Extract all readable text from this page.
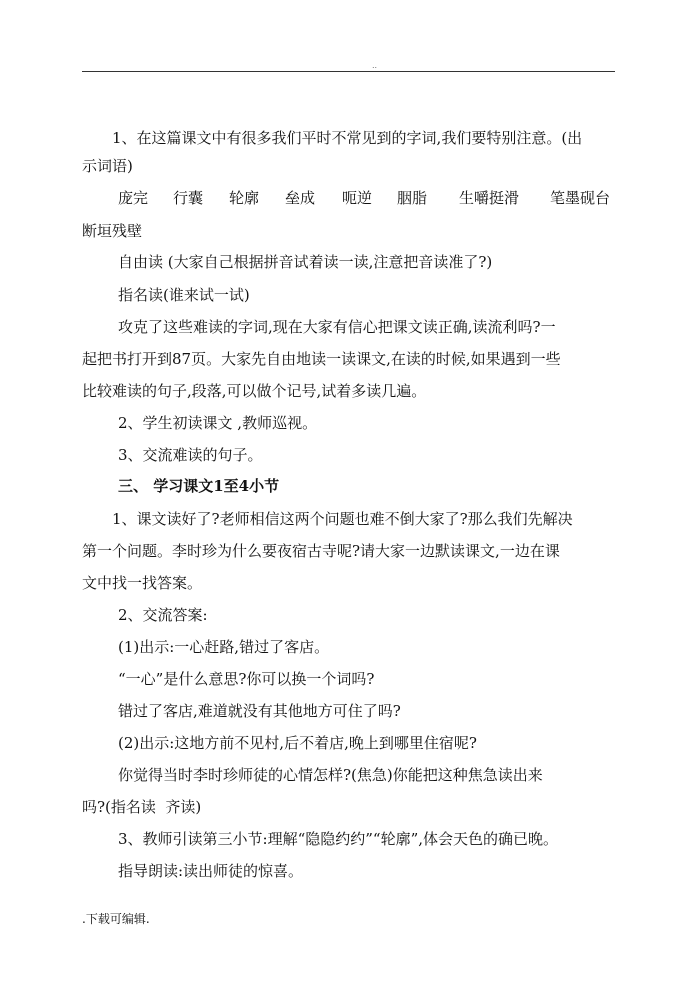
..
1、在这篇课文中有很多我们平时不常见到的字词,我们要特别注意。(出
示词语)
庞完 行囊 轮廓 垒成 呃逆 胭脂 生嚼挺滑 笔墨砚台
断垣残壁
自由读 (大家自己根据拼音试着读一读,注意把音读准了?)
指名读(谁来试一试)
攻克了这些难读的字词,现在大家有信心把课文读正确,读流利吗?一
起把书打开到87页。大家先自由地读一读课文,在读的时候,如果遇到一些
比较难读的句子,段落,可以做个记号,试着多读几遍。
2、学生初读课文 ,教师巡视。
3、交流难读的句子。
三、 学习课文1至4小节
1、课文读好了?老师相信这两个问题也难不倒大家了?那么我们先解决
第一个问题。李时珍为什么要夜宿古寺呢?请大家一边默读课文,一边在课
文中找一找答案。
2、交流答案:
(1)出示:一心赶路,错过了客店。
“一心”是什么意思?你可以换一个词吗?
错过了客店,难道就没有其他地方可住了吗?
(2)出示:这地方前不见村,后不着店,晚上到哪里住宿呢?
你觉得当时李时珍师徒的心情怎样?(焦急)你能把这种焦急读出来
吗?(指名读  齐读)
3、教师引读第三小节:理解“隐隐约约”“轮廓”,体会天色的确已晚。
指导朗读:读出师徒的惊喜。
.下载可编辑.
